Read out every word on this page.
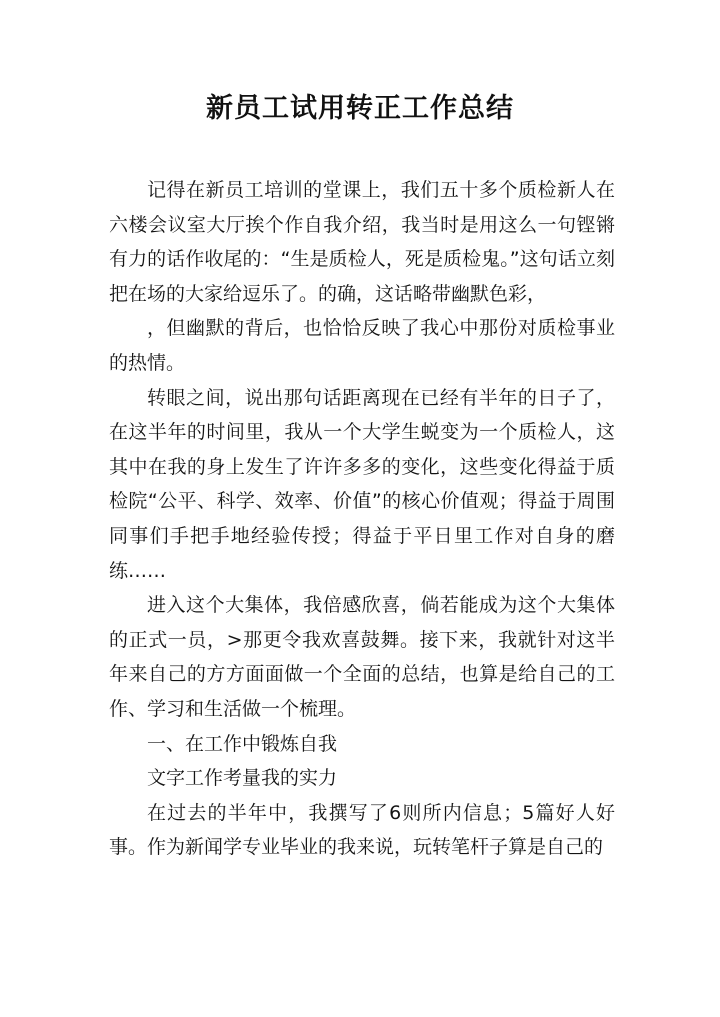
新员工试用转正工作总结

记得在新员工培训的堂课上，我们五十多个质检新人在六楼会议室大厅挨个作自我介绍，我当时是用这么一句铿锵有力的话作收尾的：“生是质检人，死是质检鬼。”这句话立刻把在场的大家给逗乐了。的确，这话略带幽默色彩，

，但幽默的背后，也恰恰反映了我心中那份对质检事业的热情。

转眼之间，说出那句话距离现在已经有半年的日子了，在这半年的时间里，我从一个大学生蜕变为一个质检人，这其中在我的身上发生了许许多多的变化，这些变化得益于质检院“公平、科学、效率、价值”的核心价值观；得益于周围同事们手把手地经验传授；得益于平日里工作对自身的磨练……

进入这个大集体，我倍感欣喜，倘若能成为这个大集体的正式一员，>那更令我欢喜鼓舞。接下来，我就针对这半年来自己的方方面面做一个全面的总结，也算是给自己的工作、学习和生活做一个梳理。

一、在工作中锻炼自我

文字工作考量我的实力

在过去的半年中，我撰写了6则所内信息；5篇好人好事。作为新闻学专业毕业的我来说，玩转笔杆子算是自己的
